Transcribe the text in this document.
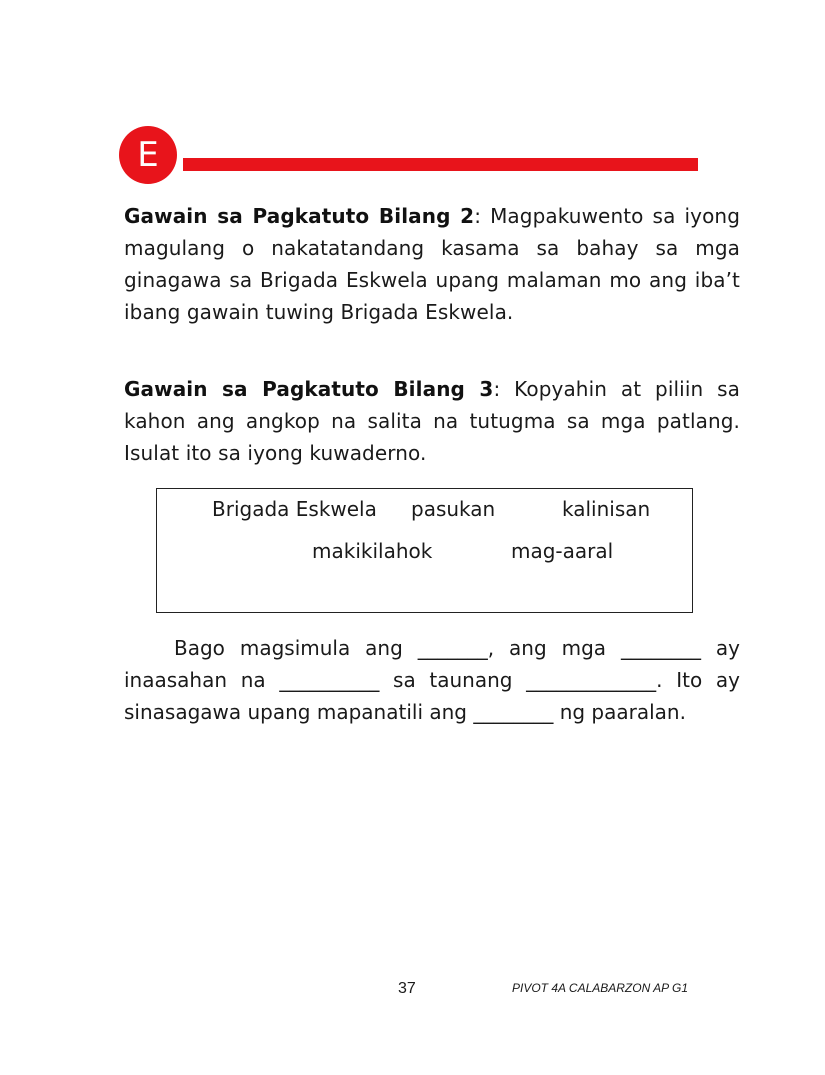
E

Gawain sa Pagkatuto Bilang 2: Magpakuwento sa iyong magulang o nakatatandang kasama sa bahay sa mga ginagawa sa Brigada Eskwela upang malaman mo ang iba’t ibang gawain tuwing Brigada Eskwela.

Gawain sa Pagkatuto Bilang 3: Kopyahin at piliin sa kahon ang angkop na salita na tutugma sa mga patlang. Isulat ito sa iyong kuwaderno.

Brigada Eskwela pasukan	kalinisan
makikilahok	mag-aaral

Bago magsimula ang _______, ang mga ________ ay inaasahan na __________ sa taunang _____________. Ito ay sinasagawa upang mapanatili ang ________ ng paaralan.

37	PIVOT 4A CALABARZON AP G1
